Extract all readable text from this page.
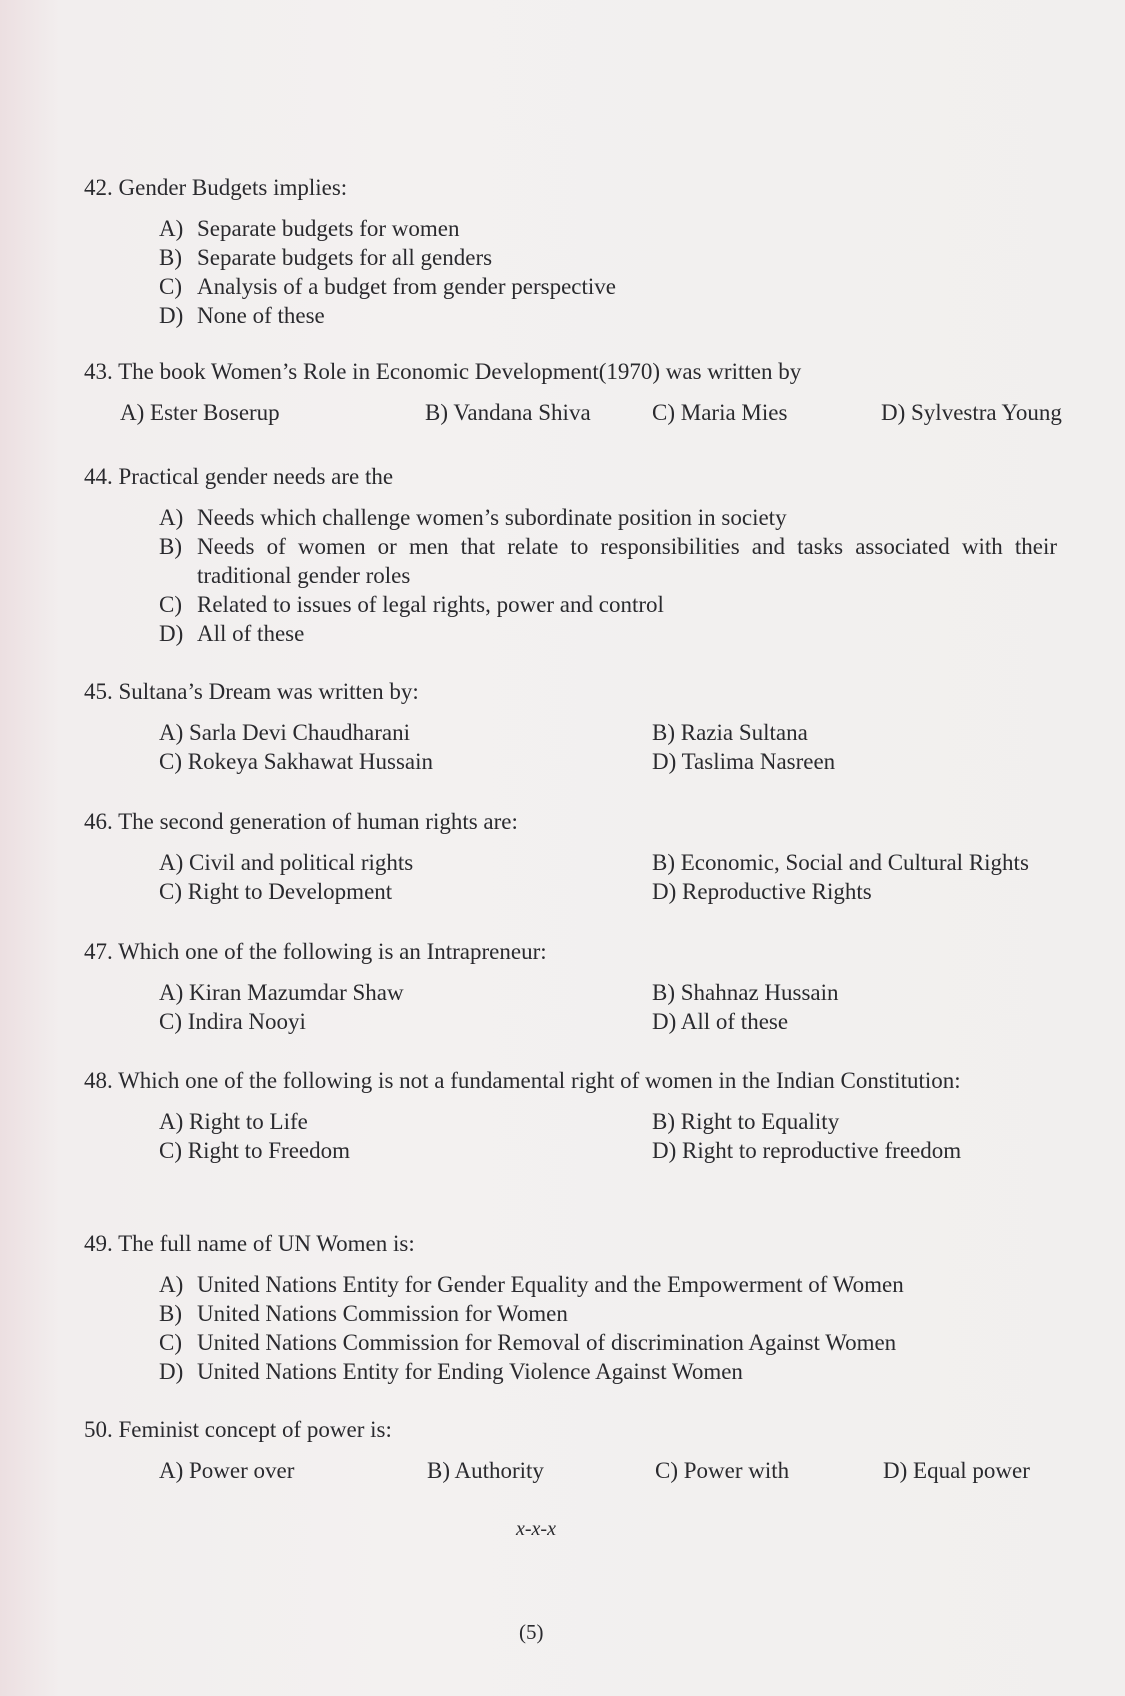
42. Gender Budgets implies:
A) Separate budgets for women
B) Separate budgets for all genders
C) Analysis of a budget from gender perspective
D) None of these
43. The book Women’s Role in Economic Development(1970) was written by
A) Ester Boserup	B) Vandana Shiva	C) Maria Mies	D) Sylvestra Young
44. Practical gender needs are the
A) Needs which challenge women’s subordinate position in society
B) Needs of women or men that relate to responsibilities and tasks associated with their traditional gender roles
C) Related to issues of legal rights, power and control
D) All of these
45. Sultana’s Dream was written by:
A) Sarla Devi Chaudharani	B) Razia Sultana
C) Rokeya Sakhawat Hussain	D) Taslima Nasreen
46. The second generation of human rights are:
A) Civil and political rights	B) Economic, Social and Cultural Rights
C) Right to Development	D) Reproductive Rights
47. Which one of the following is an Intrapreneur:
A) Kiran Mazumdar Shaw	B) Shahnaz Hussain
C) Indira Nooyi	D) All of these
48. Which one of the following is not a fundamental right of women in the Indian Constitution:
A) Right to Life	B) Right to Equality
C) Right to Freedom	D) Right to reproductive freedom
49. The full name of UN Women is:
A) United Nations Entity for Gender Equality and the Empowerment of Women
B) United Nations Commission for Women
C) United Nations Commission for Removal of discrimination Against Women
D) United Nations Entity for Ending Violence Against Women
50. Feminist concept of power is:
A) Power over	B) Authority	C) Power with	D) Equal power
x-x-x
(5)
